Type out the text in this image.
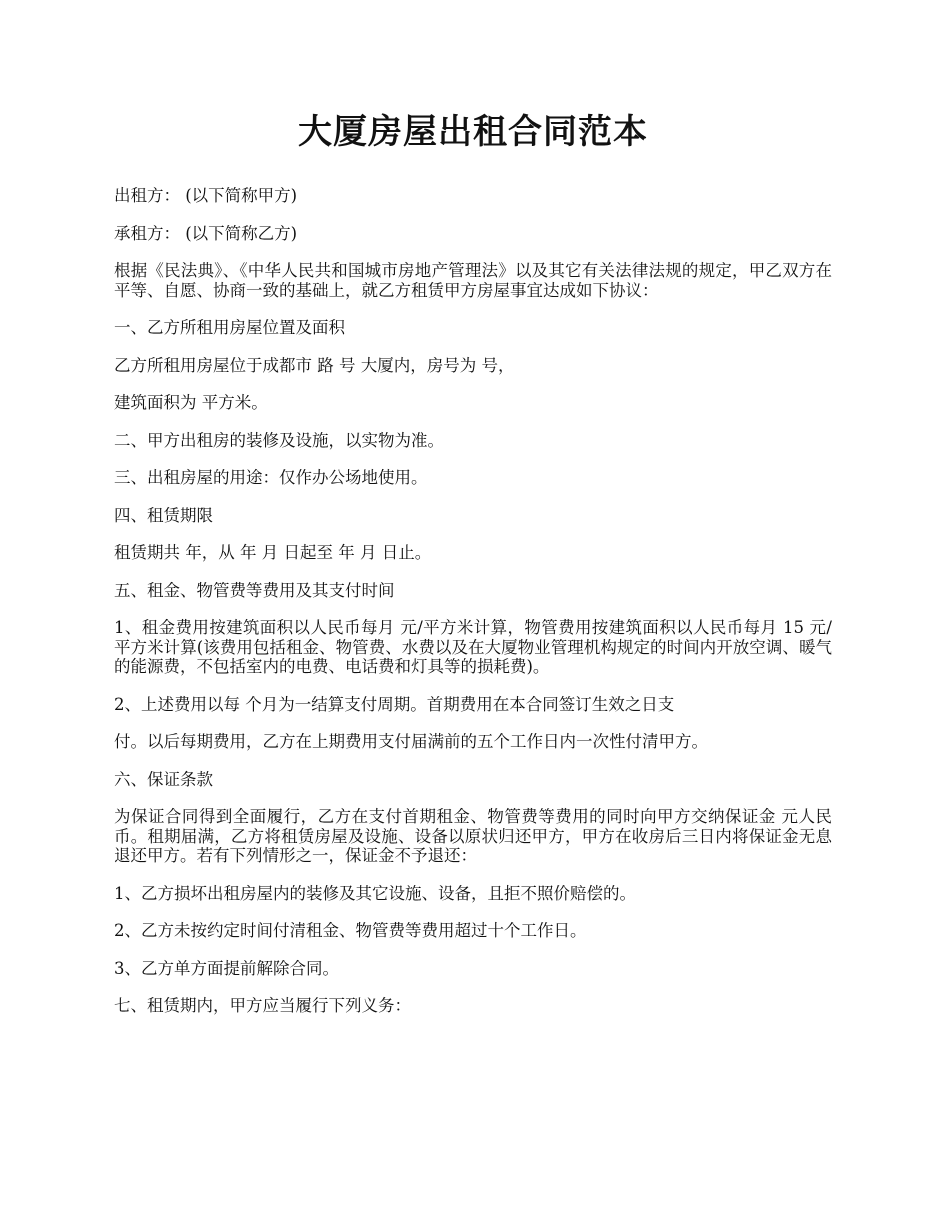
大厦房屋出租合同范本

出租方： (以下简称甲方)

承租方： (以下简称乙方)

根据《民法典》、《中华人民共和国城市房地产管理法》以及其它有关法律法规的规定，甲乙双方在平等、自愿、协商一致的基础上，就乙方租赁甲方房屋事宜达成如下协议：

一、乙方所租用房屋位置及面积

乙方所租用房屋位于成都市 路 号 大厦内，房号为 号，

建筑面积为 平方米。

二、甲方出租房的装修及设施，以实物为准。

三、出租房屋的用途：仅作办公场地使用。

四、租赁期限

租赁期共 年，从 年 月 日起至 年 月 日止。

五、租金、物管费等费用及其支付时间

1、租金费用按建筑面积以人民币每月 元/平方米计算，物管费用按建筑面积以人民币每月 15 元/平方米计算(该费用包括租金、物管费、水费以及在大厦物业管理机构规定的时间内开放空调、暖气的能源费，不包括室内的电费、电话费和灯具等的损耗费)。

2、上述费用以每 个月为一结算支付周期。首期费用在本合同签订生效之日支

付。以后每期费用，乙方在上期费用支付届满前的五个工作日内一次性付清甲方。

六、保证条款

为保证合同得到全面履行，乙方在支付首期租金、物管费等费用的同时向甲方交纳保证金 元人民币。租期届满，乙方将租赁房屋及设施、设备以原状归还甲方，甲方在收房后三日内将保证金无息退还甲方。若有下列情形之一，保证金不予退还：

1、乙方损坏出租房屋内的装修及其它设施、设备，且拒不照价赔偿的。

2、乙方未按约定时间付清租金、物管费等费用超过十个工作日。

3、乙方单方面提前解除合同。

七、租赁期内，甲方应当履行下列义务：
